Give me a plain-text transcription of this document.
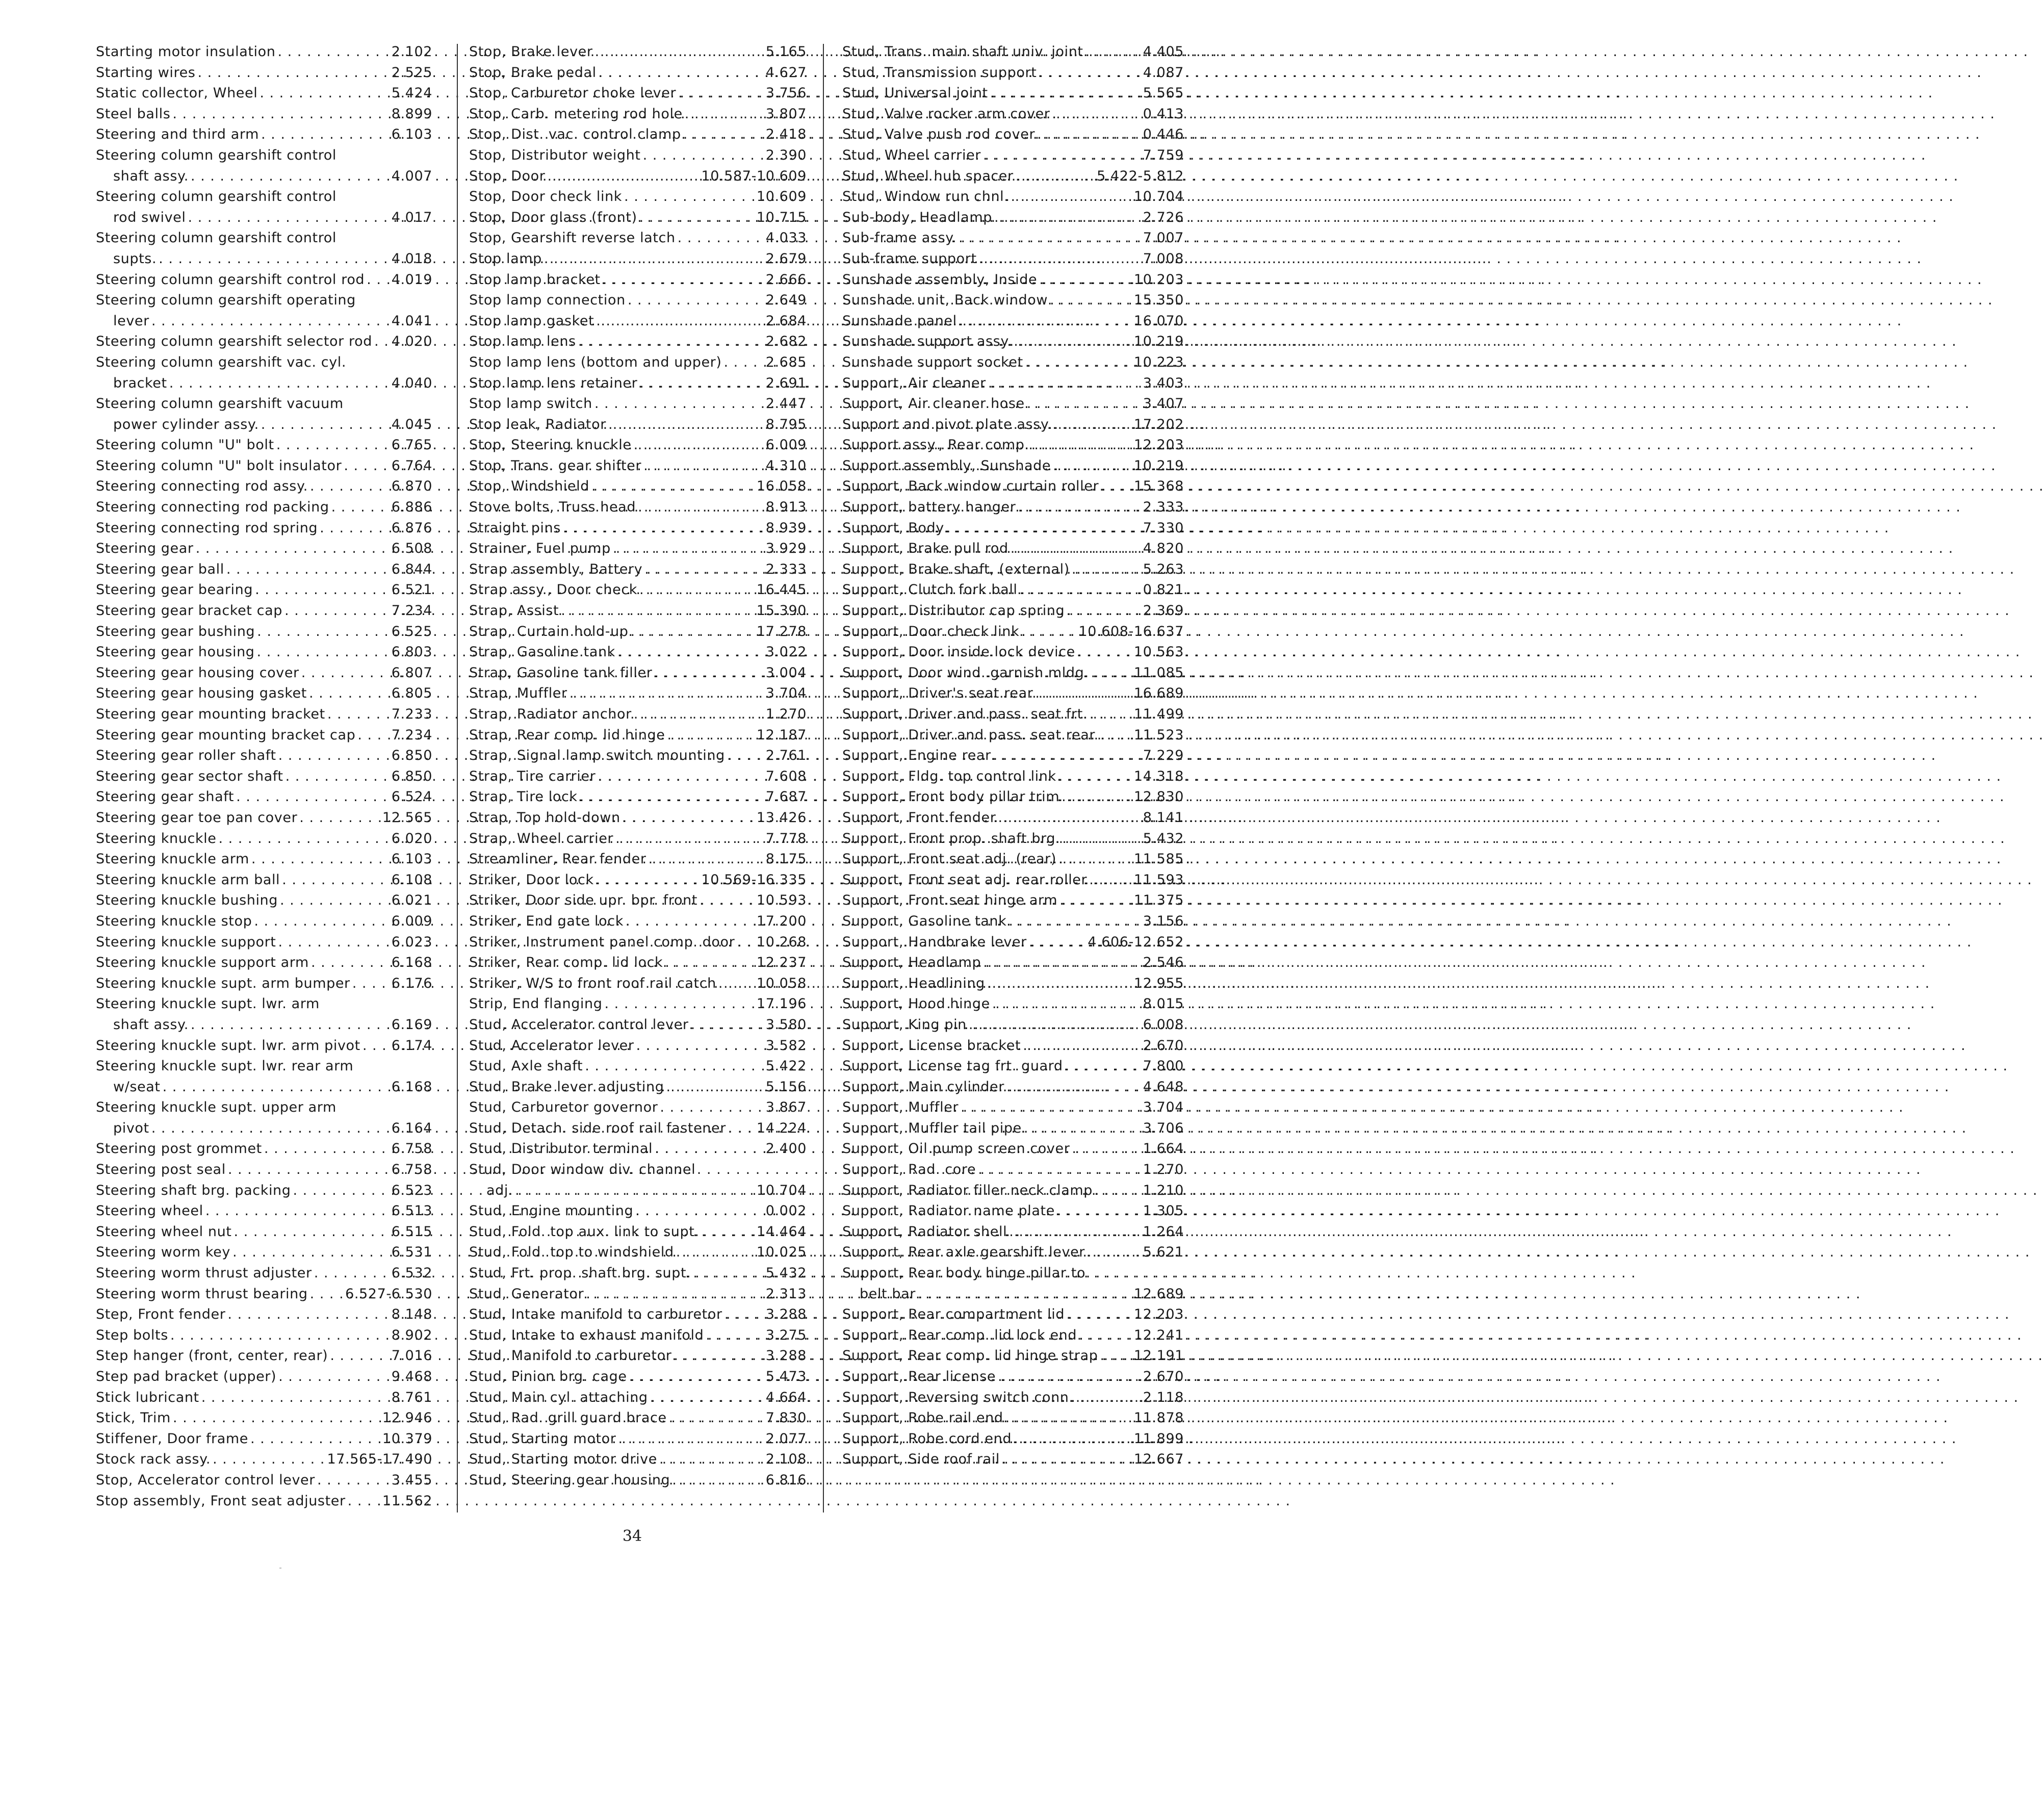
Starting motor insulation . . .	2.102
Starting wires . . .	2.525
Static collector, Wheel . . .	5.424
Steel balls . . .	8.899
Steering and third arm . . .	6.103
Steering column gearshift control
shaft assy. . . .	4.007
Steering column gearshift control
rod swivel . . .	4.017
Steering column gearshift control
supts. . . .	4.018
Steering column gearshift control rod . . . 4.019
Steering column gearshift operating
lever . . .	4.041
Steering column gearshift selector rod . . . 4.020
Steering column gearshift vac. cyl.
bracket . . .	4.040
Steering column gearshift vacuum
power cylinder assy. . . .	4.045
Steering column "U" bolt . . .	6.765
Steering column "U" bolt insulator . . .	6.764
Steering connecting rod assy. . . .	6.870
Steering connecting rod packing . . .	6.886
Steering connecting rod spring . . .	6.876
Steering gear . . .	6.508
Steering gear ball . . .	6.844
Steering gear bearing . . .	6.521
Steering gear bracket cap . . .	7.234
Steering gear bushing . . .	6.525
Steering gear housing . . .	6.803
Steering gear housing cover . . .	6.807
Steering gear housing gasket . . .	6.805
Steering gear mounting bracket . . .	7.233
Steering gear mounting bracket cap . . .	7.234
Steering gear roller shaft . . .	6.850
Steering gear sector shaft . . .	6.850
Steering gear shaft . . .	6.524
Steering gear toe pan cover . . .	12.565
Steering knuckle . . .	6.020
Steering knuckle arm . . .	6.103
Steering knuckle arm ball . . .	6.108
Steering knuckle bushing . . .	6.021
Steering knuckle stop . . .	6.009
Steering knuckle support . . .	6.023
Steering knuckle support arm . . .	6.168
Steering knuckle supt. arm bumper . . .	6.176
Steering knuckle supt. lwr. arm
shaft assy. . . .	6.169
Steering knuckle supt. lwr. arm pivot . . . 6.174
Steering knuckle supt. lwr. rear arm
w/seat . . .	6.168
Steering knuckle supt. upper arm
pivot . . .	6.164
Steering post grommet . . .	6.758
Steering post seal . . .	6.758
Steering shaft brg. packing . . .	6.523
Steering wheel . . .	6.513
Steering wheel nut . . .	6.515
Steering worm key . . .	6.531
Steering worm thrust adjuster . . .	6.532
Steering worm thrust bearing . . .	6.527-6.530
Step, Front fender . . .	8.148
Step bolts . . .	8.902
Step hanger (front, center, rear) . . .	7.016
Step pad bracket (upper) . . .	9.468
Stick lubricant . . .	8.761
Stick, Trim . . .	12.946
Stiffener, Door frame . . .	10.379
Stock rack assy. . . .	17.565-17.490
Stop, Accelerator control lever . . .	3.455
Stop assembly, Front seat adjuster . . .	11.562
Stop, Brake lever . . .	5.165
Stop, Brake pedal . . .	4.627
Stop, Carburetor choke lever . . .	3.756
Stop, Carb. metering rod hole . . .	3.807
Stop, Dist. vac. control clamp . . .	2.418
Stop, Distributor weight . . .	2.390
Stop, Door . . .	10.587-10.609
Stop, Door check link . . .	10.609
Stop, Door glass (front) . . .	10.715
Stop, Gearshift reverse latch . . .	4.033
Stop lamp . . .	2.679
Stop lamp bracket . . .	2.666
Stop lamp connection . . .	2.649
Stop lamp gasket . . .	2.684
Stop lamp lens . . .	2.682
Stop lamp lens (bottom and upper) . . .	2.685
Stop lamp lens retainer . . .	2.691
Stop lamp switch . . .	2.447
Stop leak, Radiator . . .	8.795
Stop, Steering knuckle . . .	6.009
Stop, Trans. gear shifter . . .	4.310
Stop, Windshield . . .	16.058
Stove bolts, Truss head . . .	8.913
Straight pins . . .	8.939
Strainer, Fuel pump . . .	3.929
Strap assembly, Battery . . .	2.333
Strap assy., Door check . . .	16.445
Strap, Assist . . .	15.390
Strap, Curtain hold-up . . .	17.278
Strap, Gasoline tank . . .	3.022
Strap, Gasoline tank filler . . .	3.004
Strap, Muffler . . .	3.704
Strap, Radiator anchor . . .	1.270
Strap, Rear comp. lid hinge . . .	12.187
Strap, Signal lamp switch mounting . . .	2.761
Strap, Tire carrier . . .	7.608
Strap, Tire lock . . .	7.687
Strap, Top hold-down . . .	13.426
Strap, Wheel carrier . . .	7.778
Streamliner, Rear fender . . .	8.175
Striker, Door lock . . .	10.569-16.335
Striker, Door side upr. bpr. front . . .	10.593
Striker, End gate lock . . .	17.200
Striker, Instrument panel comp. door . . . 10.268
Striker, Rear comp. lid lock . . .	12.237
Striker, W/S to front roof rail catch . . .	10.058
Strip, End flanging . . .	17.196
Stud, Accelerator control lever . . .	3.580
Stud, Accelerator lever . . .	3.582
Stud, Axle shaft . . .	5.422
Stud, Brake lever adjusting . . .	5.156
Stud, Carburetor governor . . .	3.867
Stud, Detach. side roof rail fastener . . . 14.224
Stud, Distributor terminal . . .	2.400
Stud, Door window div. channel
adj. . . .	10.704
Stud, Engine mounting . . .	0.002
Stud, Fold. top aux. link to supt. . . .	14.464
Stud, Fold. top to windshield . . .	10.025
Stud, Frt. prop. shaft brg. supt. . . .	5.432
Stud, Generator . . .	2.313
Stud, Intake manifold to carburetor . . .	3.288
Stud, Intake to exhaust manifold . . .	3.275
Stud, Manifold to carburetor . . .	3.288
Stud, Pinion brg. cage . . .	5.473
Stud, Main cyl. attaching . . .	4.664
Stud, Rad. grill guard brace . . .	7.830
Stud, Starting motor . . .	2.077
Stud, Starting motor drive . . .	2.108
Stud, Steering gear housing . . .	6.816
Stud, Trans. main shaft univ. joint . . .	4.405
Stud, Transmission support . . .	4.087
Stud, Universal joint . . .	5.565
Stud, Valve rocker arm cover . . .	0.413
Stud, Valve push rod cover . . .	0.446
Stud, Wheel carrier . . .	7.759
Stud, Wheel hub spacer . . .	5.422-5.812
Stud, Window run chnl. . . .	10.704
Sub-body, Headlamp . . .	2.726
Sub-frame assy. . . .	7.007
Sub-frame support . . .	7.008
Sunshade assembly, Inside . . .	10.203
Sunshade unit, Back window . . .	15.350
Sunshade panel . . .	16.070
Sunshade support assy. . . .	10.219
Sunshade support socket . . .	10.223
Support, Air cleaner . . .	3.403
Support, Air cleaner hose . . .	3.407
Support and pivot plate assy. . . .	17.202
Support assy., Rear comp. . . .	12.203
Support assembly, Sunshade . . .	10.219
Support, Back window curtain roller . . .	15.368
Support, battery hanger . . .	2.333
Support, Body . . .	7.330
Support, Brake pull rod . . .	4.820
Support, Brake shaft, (external) . . .	5.263
Support, Clutch fork ball . . .	0.821
Support, Distributor cap spring . . .	2.369
Support, Door check link . . .	10.608-16.637
Support, Door inside lock device . . .	10.563
Support, Door wind. garnish mldg. . . .	11.085
Support, Driver's seat rear . . .	16.689
Support, Driver and pass. seat frt. . . .	11.499
Support, Driver and pass. seat rear. . . .	11.523
Support, Engine rear . . .	7.229
Support, Fldg. top control link . . .	14.318
Support, Front body pillar trim . . .	12.830
Support, Front fender . . .	8.141
Support, Front prop. shaft brg. . . .	5.432
Support, Front seat adj. (rear) . . .	11.585
Support, Front seat adj. rear roller . . .	11.593
Support, Front seat hinge arm . . .	11.375
Support, Gasoline tank . . .	3.156
Support, Handbrake lever . . .	4.606-12.652
Support, Headlamp . . .	2.546
Support, Headlining . . .	12.955
Support, Hood hinge . . .	8.015
Support, King pin . . .	6.008
Support, License bracket . . .	2.670
Support, License tag frt. guard . . .	7.800
Support, Main cylinder . . .	4.648
Support, Muffler . . .	3.704
Support, Muffler tail pipe . . .	3.706
Support, Oil pump screen cover . . .	1.664
Support, Rad. core . . .	1.270
Support, Radiator filler neck clamp . . .	1.210
Support, Radiator name plate . . .	1.305
Support, Radiator shell . . .	1.264
Support, Rear axle gearshift lever . . .	5.621
Support, Rear body hinge pillar to
belt bar . . .	12.689
Support, Rear compartment lid . . .	12.203
Support, Rear comp. lid lock end . . .	12.241
Support, Rear comp. lid hinge strap . . .	12.191
Support, Rear license . . .	2.670
Support, Reversing switch conn. . . .	2.118
Support, Robe rail end . . .	11.878
Support, Robe cord end . . .	11.899
Support, Side roof rail . . .	12.667
34
